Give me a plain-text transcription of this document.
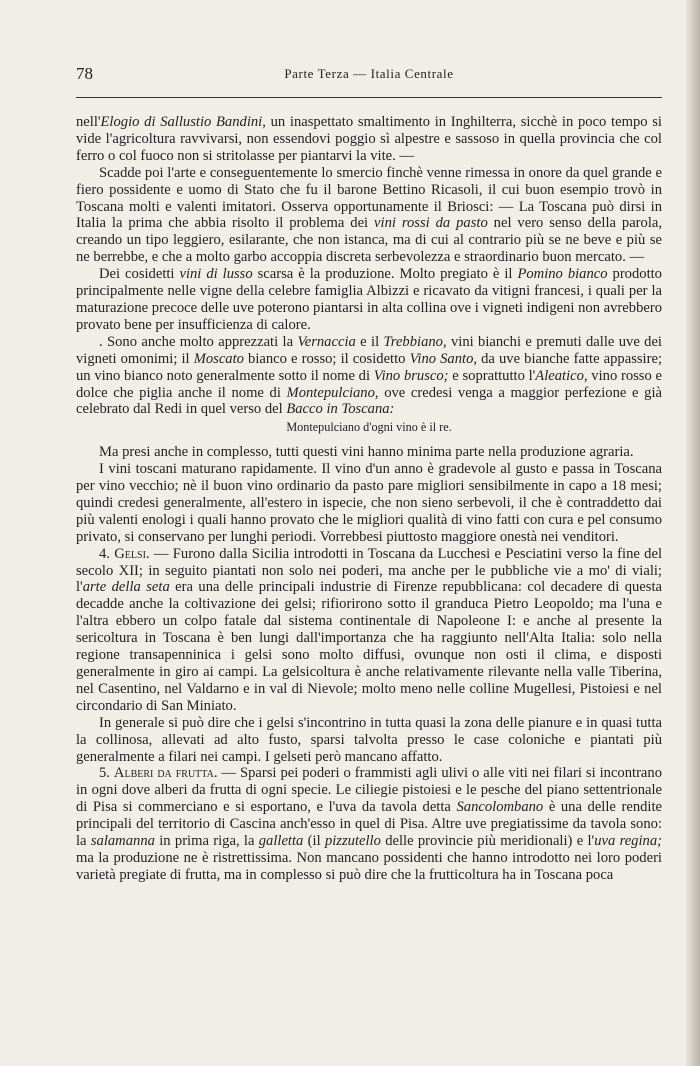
78	Parte Terza — Italia Centrale

nell'Elogio di Sallustio Bandini, un inaspettato smaltimento in Inghilterra, sicchè in poco tempo si vide l'agricoltura ravvivarsi, non essendovi poggio sì alpestre e sassoso in quella provincia che col ferro o col fuoco non si stritolasse per piantarvi la vite. —

Scadde poi l'arte e conseguentemente lo smercio finchè venne rimessa in onore da quel grande e fiero possidente e uomo di Stato che fu il barone Bettino Ricasoli, il cui buon esempio trovò in Toscana molti e valenti imitatori. Osserva opportunamente il Briosci: — La Toscana può dirsi in Italia la prima che abbia risolto il problema dei vini rossi da pasto nel vero senso della parola, creando un tipo leggiero, esilarante, che non istanca, ma di cui al contrario più se ne beve e più se ne berrebbe, e che a molto garbo accoppia discreta serbevolezza e straordinario buon mercato. —

Dei cosidetti vini di lusso scarsa è la produzione. Molto pregiato è il Pomino bianco prodotto principalmente nelle vigne della celebre famiglia Albizzi e ricavato da vitigni francesi, i quali per la maturazione precoce delle uve poterono piantarsi in alta collina ove i vigneti indigeni non avrebbero provato bene per insufficienza di calore.

. Sono anche molto apprezzati la Vernaccia e il Trebbiano, vini bianchi e premuti dalle uve dei vigneti omonimi; il Moscato bianco e rosso; il cosidetto Vino Santo, da uve bianche fatte appassire; un vino bianco noto generalmente sotto il nome di Vino brusco; e soprattutto l'Aleatico, vino rosso e dolce che piglia anche il nome di Montepulciano, ove credesi venga a maggior perfezione e già celebrato dal Redi in quel verso del Bacco in Toscana:

Montepulciano d'ogni vino è il re.

Ma presi anche in complesso, tutti questi vini hanno minima parte nella produzione agraria.

I vini toscani maturano rapidamente. Il vino d'un anno è gradevole al gusto e passa in Toscana per vino vecchio; nè il buon vino ordinario da pasto pare migliori sensibilmente in capo a 18 mesi; quindi credesi generalmente, all'estero in ispecie, che non sieno serbevoli, il che è contraddetto dai più valenti enologi i quali hanno provato che le migliori qualità di vino fatti con cura e pel consumo privato, si conservano per lunghi periodi. Vorrebbesi piuttosto maggiore onestà nei venditori.

4. Gelsi. — Furono dalla Sicilia introdotti in Toscana da Lucchesi e Pesciatini verso la fine del secolo XII; in seguito piantati non solo nei poderi, ma anche per le pubbliche vie a mo' di viali; l'arte della seta era una delle principali industrie di Firenze repubblicana: col decadere di questa decadde anche la coltivazione dei gelsi; rifiorirono sotto il granduca Pietro Leopoldo; ma l'una e l'altra ebbero un colpo fatale dal sistema continentale di Napoleone I: e anche al presente la sericoltura in Toscana è ben lungi dall'importanza che ha raggiunto nell'Alta Italia: solo nella regione transapenninica i gelsi sono molto diffusi, ovunque non osti il clima, e disposti generalmente in giro ai campi. La gelsicoltura è anche relativamente rilevante nella valle Tiberina, nel Casentino, nel Valdarno e in val di Nievole; molto meno nelle colline Mugellesi, Pistoiesi e nel circondario di San Miniato.

In generale si può dire che i gelsi s'incontrino in tutta quasi la zona delle pianure e in quasi tutta la collinosa, allevati ad alto fusto, sparsi talvolta presso le case coloniche e piantati più generalmente a filari nei campi. I gelseti però mancano affatto.

5. Alberi da frutta. — Sparsi pei poderi o frammisti agli ulivi o alle viti nei filari si incontrano in ogni dove alberi da frutta di ogni specie. Le ciliegie pistoiesi e le pesche del piano settentrionale di Pisa si commerciano e si esportano, e l'uva da tavola detta Sancolombano è una delle rendite principali del territorio di Cascina anch'esso in quel di Pisa. Altre uve pregiatissime da tavola sono: la salamanna in prima riga, la galletta (il pizzutello delle provincie più meridionali) e l'uva regina; ma la produzione ne è ristrettissima. Non mancano possidenti che hanno introdotto nei loro poderi varietà pregiate di frutta, ma in complesso si può dire che la frutticoltura ha in Toscana poca
